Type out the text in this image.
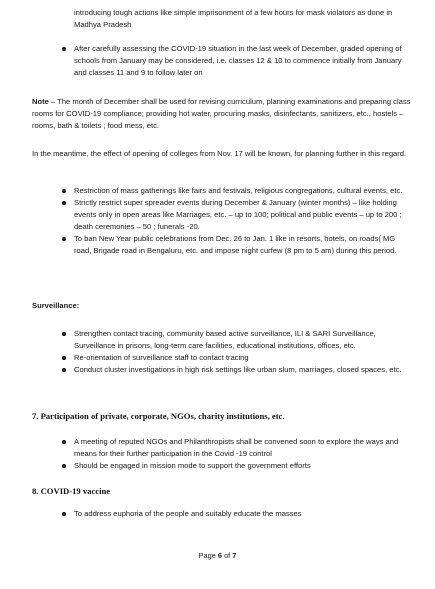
introducing tough actions like simple imprisonment of a few hours for mask violators as done in Madhya Pradesh
After carefully assessing the COVID-19 situation in the last week of December, graded opening of schools from January may be considered, i.e. classes 12 & 10 to commence initially from January and classes 11 and 9 to follow later on

Note – The month of December shall be used for revising curriculum, planning examinations and preparing class rooms for COVID-19 compliance; providing hot water, procuring masks, disinfectants, sanitizers, etc., hostels – rooms, bath & toilets ; food mess, etc.

In the meantime, the effect of opening of colleges from Nov. 17 will be known, for planning further in this regard.

Restriction of mass gatherings like fairs and festivals, religious congregations, cultural events, etc.
Strictly restrict super spreader events during December & January (winter months) – like holding events only in open areas like Marriages, etc. – up to 100; political and public events – up to 200 ; death ceremonies – 50 ; funerals -20.
To ban New Year public celebrations from Dec. 26 to Jan. 1 like in resorts, hotels, on roads( MG road, Brigade road in Bengaluru, etc. and impose night curfew (8 pm to 5 am) during this period.
Surveillance:
Strengthen contact tracing, community based active surveillance, ILI & SARI Surveillance, Surveillance in prisons, long-term care facilities, educational institutions, offices, etc.
Re-orientation of surveillance staff to contact tracing
Conduct cluster investigations in high risk settings like urban slum, marriages, closed spaces, etc.
7. Participation of private, corporate, NGOs, charity institutions, etc.
A meeting of reputed NGOs and Philanthropists shall be convened soon to explore the ways and means for their further participation in the Covid -19 control
Should be engaged in mission mode to support the government efforts
8. COVID-19 vaccine
To address euphoria of the people and suitably educate the masses
Page 6 of 7
